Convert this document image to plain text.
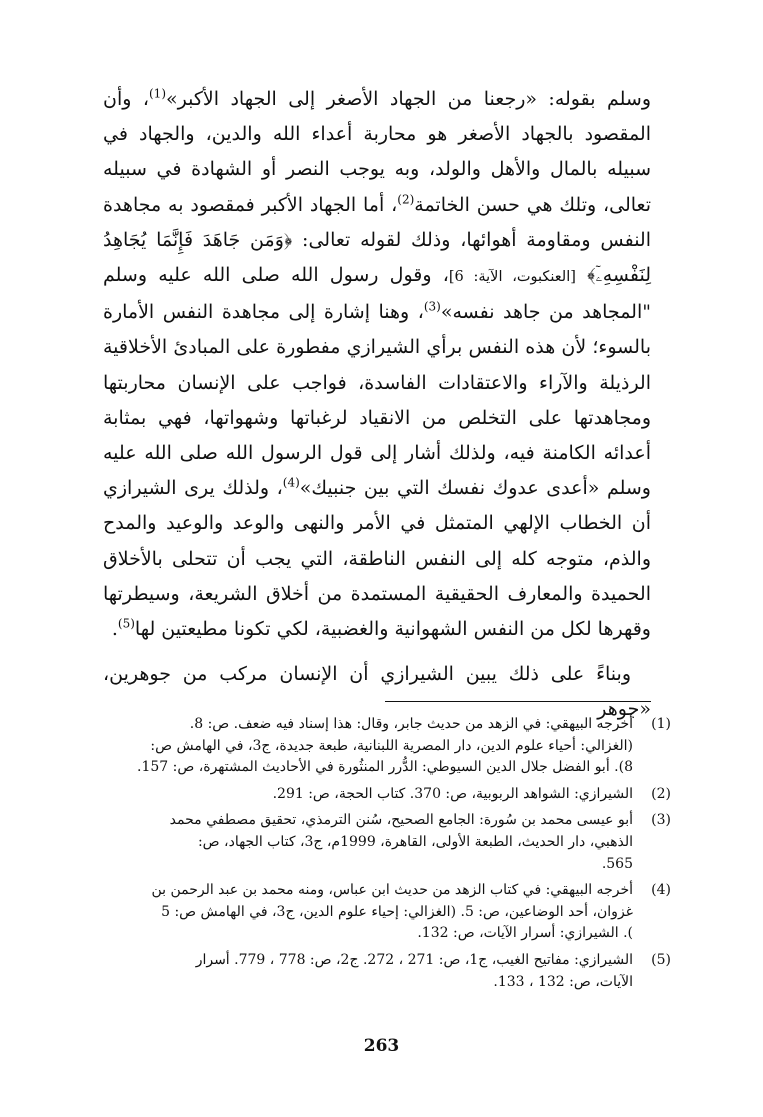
وسلم بقوله: «رجعنا من الجهاد الأصغر إلى الجهاد الأكبر»$^{(1)}$، وأن المقصود بالجهاد الأصغر هو محاربة أعداء الله والدين، والجهاد في سبيله بالمال والأهل والولد، وبه يوجب النصر أو الشهادة في سبيله تعالى، وتلك هي حسن الخاتمة$^{(2)}$، أما الجهاد الأكبر فمقصود به مجاهدة النفس ومقاومة أهوائها، وذلك لقوله تعالى: ﴿وَمَن جَاهَدَ فَإِنَّمَا يُجَاهِدُ لِنَفْسِهِۦٓ﴾ [العنكبوت، الآية: 6]، وقول رسول الله صلى الله عليه وسلم "المجاهد من جاهد نفسه»$^{(3)}$، وهنا إشارة إلى مجاهدة النفس الأمارة بالسوء؛ لأن هذه النفس برأي الشيرازي مفطورة على المبادئ الأخلاقية الرذيلة والآراء والاعتقادات الفاسدة، فواجب على الإنسان محاربتها ومجاهدتها على التخلص من الانقياد لرغباتها وشهواتها، فهي بمثابة أعدائه الكامنة فيه، ولذلك أشار إلى قول الرسول الله صلى الله عليه وسلم «أعدى عدوك نفسك التي بين جنبيك»$^{(4)}$، ولذلك يرى الشيرازي أن الخطاب الإلهي المتمثل في الأمر والنهى والوعد والوعيد والمدح والذم، متوجه كله إلى النفس الناطقة، التي يجب أن تتحلى بالأخلاق الحميدة والمعارف الحقيقية المستمدة من أخلاق الشريعة، وسيطرتها وقهرها لكل من النفس الشهوانية والغضبية، لكي تكونا مطيعتين لها$^{(5)}$.

وبناءً على ذلك يبين الشيرازي أن الإنسان مركب من جوهرين، «جوهر

(1)
أخرجه البيهقي: في الزهد من حديث جابر، وقال: هذا إسناد فيه ضعف. ص: 8.
(الغزالي: أحياء علوم الدين، دار المصرية اللبنانية، طبعة جديدة، ج3، في الهامش ص:
8). أبو الفضل جلال الدين السيوطي: الدُّرر المنثُورة في الأحاديث المشتهرة، ص: 157.
(2)
الشيرازي: الشواهد الربوبية، ص: 370. كتاب الحجة، ص: 291.
(3)
أبو عيسى محمد بن سُورة: الجامع الصحيح، سُنن الترمذي، تحقيق مصطفي محمد
الذهبي، دار الحديث، الطبعة الأولى، القاهرة، 1999م، ج3، كتاب الجهاد، ص:
565.
(4)
أخرجه البيهقي: في كتاب الزهد من حديث ابن عباس، ومنه محمد بن عبد الرحمن بن
غزوان، أحد الوضاعين، ص: 5. (الغزالي: إحياء علوم الدين، ج3، في الهامش ص: 5
). الشيرازي: أسرار الآيات، ص: 132.
(5)
الشيرازي: مفاتيح الغيب، ج1، ص: 271 ، 272. ج2، ص: 778 ، 779. أسرار
الآيات، ص: 132 ، 133.
263
